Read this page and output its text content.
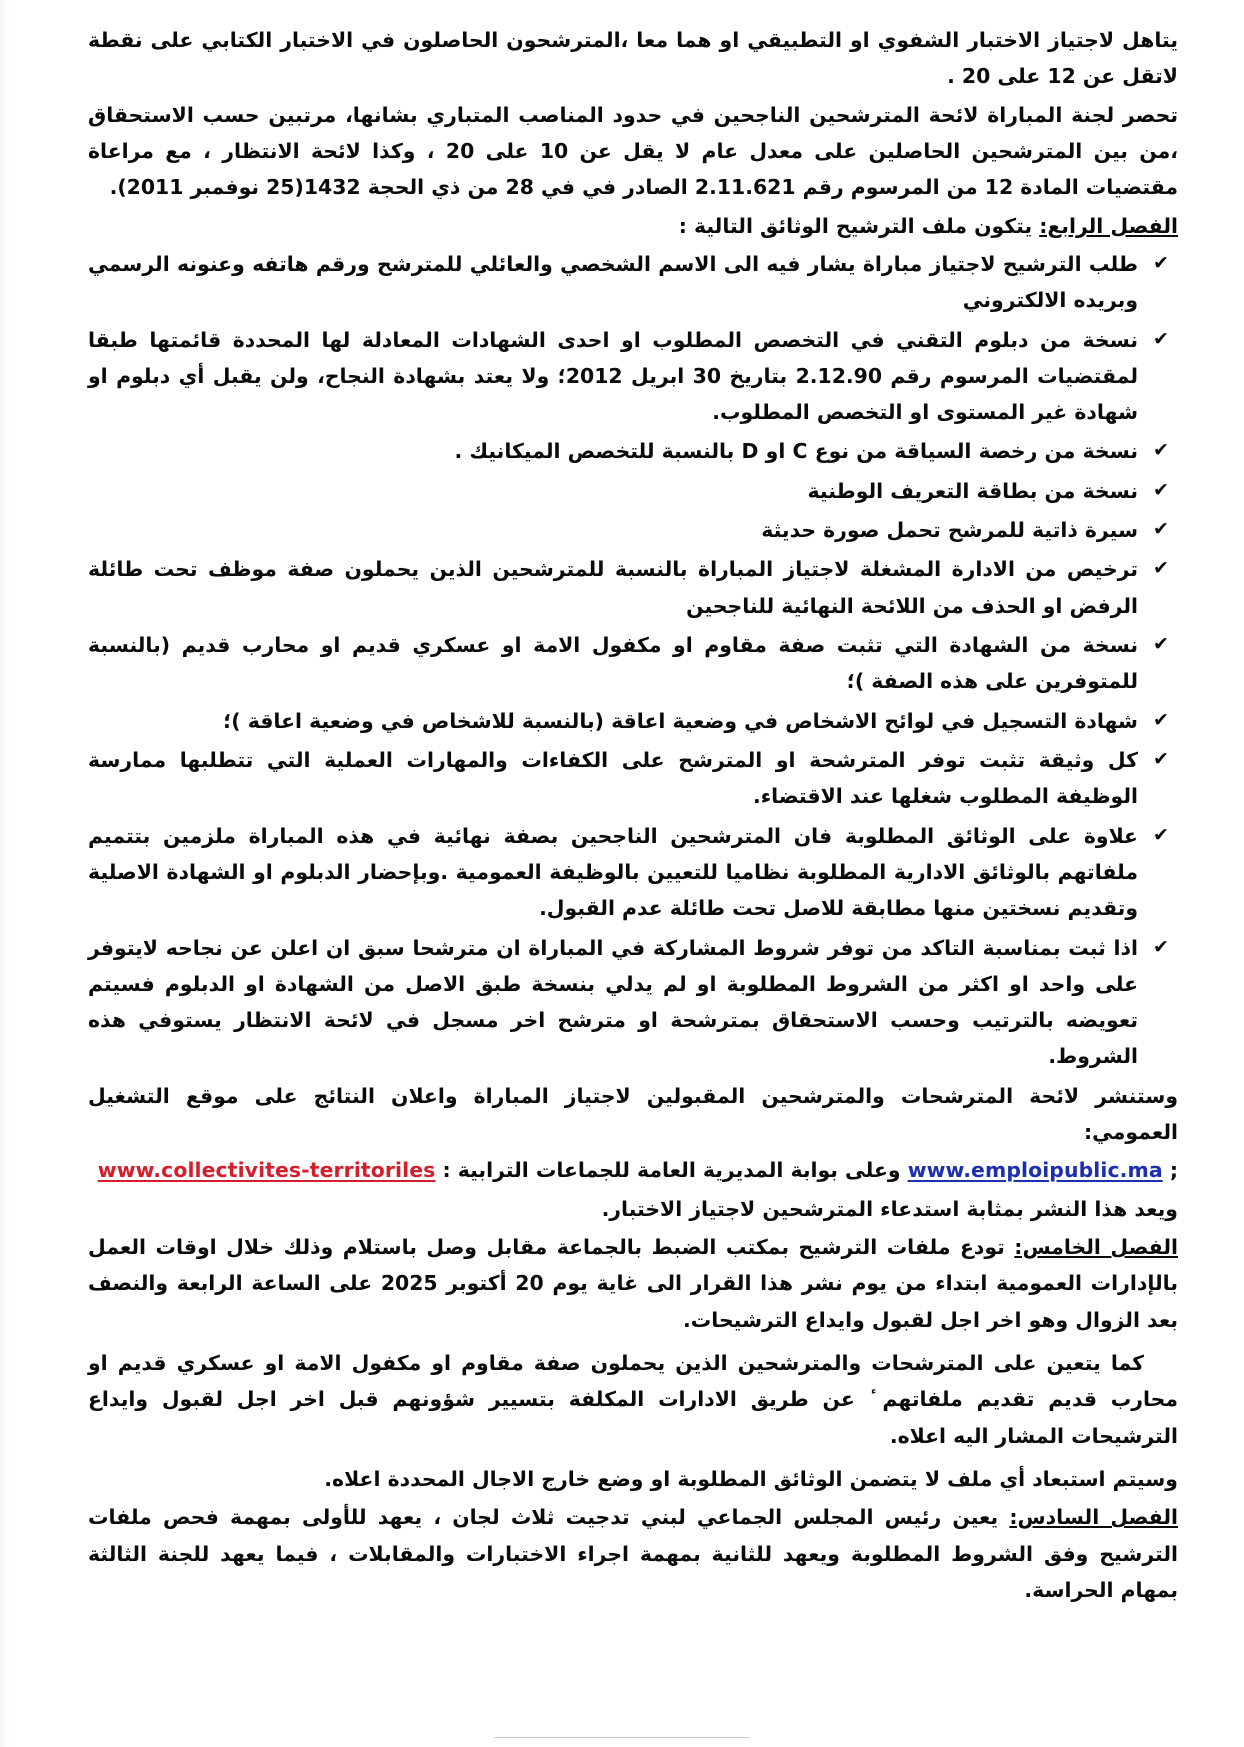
يتاهل لاجتياز الاختبار الشفوي او التطبيقي او هما معا ،المترشحون الحاصلون في الاختبار الكتابي على نقطة لاتقل عن 12 على 20 .

تحصر لجنة المباراة لائحة المترشحين الناجحين في حدود المناصب المتباري بشانها، مرتبين حسب الاستحقاق ،من بين المترشحين الحاصلين على معدل عام لا يقل عن 10 على 20 ، وكذا لائحة الانتظار ، مع مراعاة مقتضيات المادة 12 من المرسوم رقم 2.11.621 الصادر في في 28 من ذي الحجة 1432(25 نوفمبر 2011).

الفصل الرابع: يتكون ملف الترشيح الوثائق التالية :

✔
طلب الترشيح لاجتياز مباراة يشار فيه الى الاسم الشخصي والعائلي للمترشح ورقم هاتفه وعنونه الرسمي وبريده الالكتروني
✔
نسخة من دبلوم التقني في التخصص المطلوب او احدى الشهادات المعادلة لها المحددة قائمتها طبقا لمقتضيات المرسوم رقم 2.12.90 بتاريخ 30 ابريل 2012؛ ولا يعتد بشهادة النجاح، ولن يقبل أي دبلوم او شهادة غير المستوى او التخصص المطلوب.
✔
نسخة من رخصة السياقة من نوع C او D بالنسبة للتخصص الميكانيك .
✔
نسخة من بطاقة التعريف الوطنية
✔
سيرة ذاتية للمرشح تحمل صورة حديثة
✔
ترخيص من الادارة المشغلة لاجتياز المباراة بالنسبة للمترشحين الذين يحملون صفة موظف تحت طائلة الرفض او الحذف من اللائحة النهائية للناجحين
✔
نسخة من الشهادة التي تثبت صفة مقاوم او مكفول الامة او عسكري قديم او محارب قديم (بالنسبة للمتوفرين على هذه الصفة )؛
✔
شهادة التسجيل في لوائح الاشخاص في وضعية اعاقة (بالنسبة للاشخاص في وضعية اعاقة )؛
✔
كل وثيقة تثبت توفر المترشحة او المترشح على الكفاءات والمهارات العملية التي تتطلبها ممارسة الوظيفة المطلوب شغلها عند الاقتضاء.
✔
علاوة على الوثائق المطلوبة فان المترشحين الناجحين بصفة نهائية في هذه المباراة ملزمين بتتميم ملفاتهم بالوثائق الادارية المطلوبة نظاميا للتعيين بالوظيفة العمومية .وبإحضار الدبلوم او الشهادة الاصلية وتقديم نسختين منها مطابقة للاصل تحت طائلة عدم القبول.
✔
اذا ثبت بمناسبة التاكد من توفر شروط المشاركة في المباراة ان مترشحا سبق ان اعلن عن نجاحه لايتوفر على واحد او اكثر من الشروط المطلوبة او لم يدلي بنسخة طبق الاصل من الشهادة او الدبلوم فسيتم تعويضه بالترتيب وحسب الاستحقاق بمترشحة او مترشح اخر مسجل في لائحة الانتظار يستوفي هذه الشروط.

وستنشر لائحة المترشحات والمترشحين المقبولين لاجتياز المباراة واعلان النتائج على موقع التشغيل العمومي:

; www.emploipublic.ma وعلى بوابة المديرية العامة للجماعات الترابية : www.collectivites-territoriles

ويعد هذا النشر بمثابة استدعاء المترشحين لاجتياز الاختبار.

الفصل الخامس: تودع ملفات الترشيح بمكتب الضبط بالجماعة مقابل وصل باستلام وذلك خلال اوقات العمل بالإدارات العمومية ابتداء من يوم نشر هذا القرار الى غاية يوم 20 أكتوبر 2025 على الساعة الرابعة والنصف بعد الزوال وهو اخر اجل لقبول وايداع الترشيحات.

كما يتعين على المترشحات والمترشحين الذين يحملون صفة مقاوم او مكفول الامة او عسكري قديم او محارب قديم تقديم ملفاتهم ٔ عن طريق الادارات المكلفة بتسيير شؤونهم قبل اخر اجل لقبول وايداع الترشيحات المشار اليه اعلاه.

وسيتم استبعاد أي ملف لا يتضمن الوثائق المطلوبة او وضع خارج الاجال المحددة اعلاه.

الفصل السادس: يعين رئيس المجلس الجماعي لبني تدجيت ثلاث لجان ، يعهد للأولى بمهمة فحص ملفات الترشيح وفق الشروط المطلوبة ويعهد للثانية بمهمة اجراء الاختبارات والمقابلات ، فيما يعهد للجنة الثالثة بمهام الحراسة.
